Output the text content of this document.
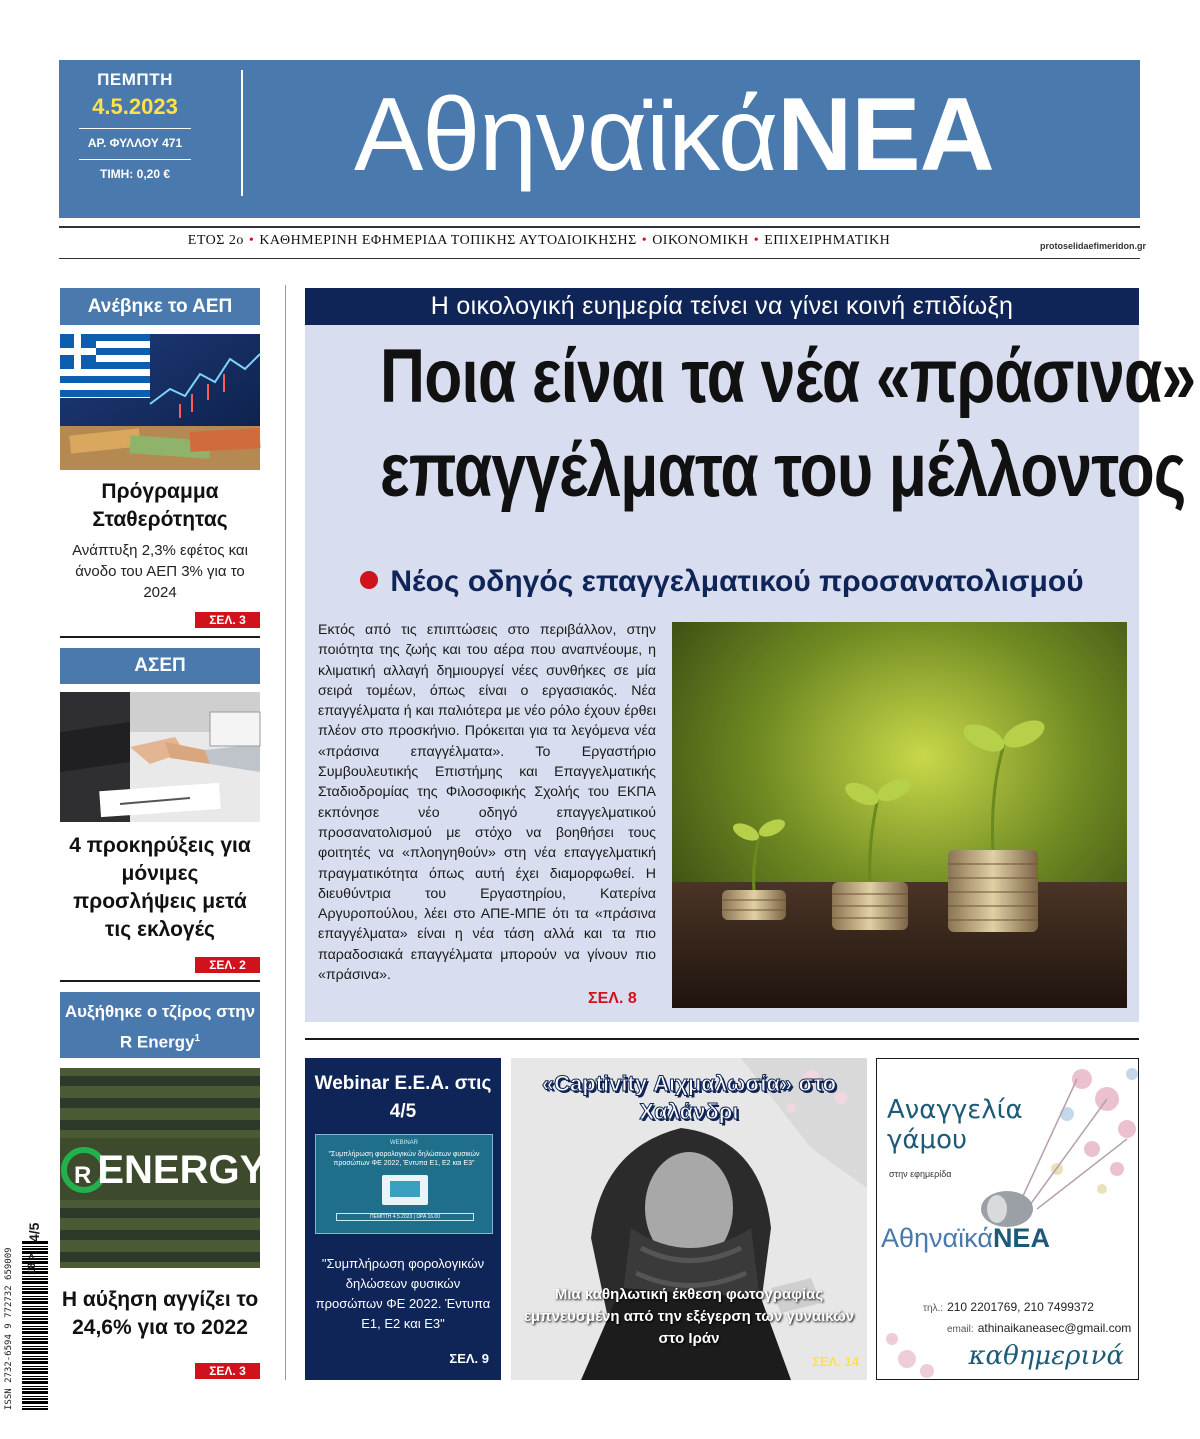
ΠΕΜΠΤΗ
4.5.2023
ΑΡ. ΦΥΛΛΟΥ 471
ΤΙΜΗ: 0,20 € ΑθηναϊκάΝΕΑ
ΕΤΟΣ 2ο • ΚΑΘΗΜΕΡΙΝΗ ΕΦΗΜΕΡΙΔΑ ΤΟΠΙΚΗΣ ΑΥΤΟΔΙΟΙΚΗΣΗΣ • ΟΙΚΟΝΟΜΙΚΗ • ΕΠΙΧΕΙΡΗΜΑΤΙΚΗ	protoselidaefimeridon.gr
Ανέβηκε το ΑΕΠ
Πρόγραμμα Σταθερότητας
Ανάπτυξη 2,3% εφέτος και άνοδο του ΑΕΠ 3% για το 2024
ΣΕΛ. 3
ΑΣΕΠ
4 προκηρύξεις για μόνιμες προσλήψεις μετά τις εκλογές
ΣΕΛ. 2
Αυξήθηκε ο τζίρος στην R Energy$^1$
R ENERGY$^1$
Η αύξηση αγγίζει το 24,6% για το 2022
ΣΕΛ. 3
ISSN 2732-6594 9 772732 659009
4/5
18 >
Η οικολογική ευημερία τείνει να γίνει κοινή επιδίωξη
Ποια είναι τα νέα «πράσινα»
επαγγέλματα του μέλλοντος
Νέος οδηγός επαγγελματικού προσανατολισμού
Εκτός από τις επιπτώσεις στο περιβάλλον, στην ποιότητα της ζωής και του αέρα που αναπνέουμε, η κλιματική αλλαγή δημιουργεί νέες συνθήκες σε μία σειρά τομέων, όπως είναι ο εργασιακός. Νέα επαγγέλματα ή και παλιότερα με νέο ρόλο έχουν έρθει πλέον στο προσκήνιο. Πρόκειται για τα λεγόμενα νέα «πράσινα επαγγέλματα». Το Εργαστήριο Συμβουλευτικής Επιστήμης και Επαγγελματικής Σταδιοδρομίας της Φιλοσοφικής Σχολής του ΕΚΠΑ εκπόνησε νέο οδηγό επαγγελματικού προσανατολισμού με στόχο να βοηθήσει τους φοιτητές να «πλοηγηθούν» στη νέα επαγγελματική πραγματικότητα όπως αυτή έχει διαμορφωθεί. Η διευθύντρια του Εργαστηρίου, Κατερίνα Αργυροπούλου, λέει στο ΑΠΕ-ΜΠΕ ότι τα «πράσινα επαγγέλματα» είναι η νέα τάση αλλά και τα πιο παραδοσιακά επαγγέλματα μπορούν να γίνουν πιο «πράσινα».
ΣΕΛ. 8
Webinar Ε.Ε.Α. στις 4/5
WEBINAR
"Συμπλήρωση φορολογικών δηλώσεων φυσικών προσώπων ΦΕ 2022, Έντυπα Ε1, Ε2 και Ε3"
ΠΕΜΠΤΗ 4.5.2023 | ΩΡΑ 16.00
"Συμπλήρωση φορολογικών δηλώσεων φυσικών προσώπων ΦΕ 2022. Έντυπα Ε1, Ε2 και Ε3"
ΣΕΛ. 9
«Captivity Αιχμαλωσία» στο Χαλάνδρι
Μια καθηλωτική έκθεση φωτογραφίας εμπνευσμένη από την εξέγερση των γυναικών στο Ιράν
ΣΕΛ. 14
Αναγγελία γάμου
στην εφημερίδα
ΑθηναϊκάΝΕΑ
τηλ.: 210 2201769, 210 7499372
email: athinaikaneasec@gmail.com
καθημερινά
